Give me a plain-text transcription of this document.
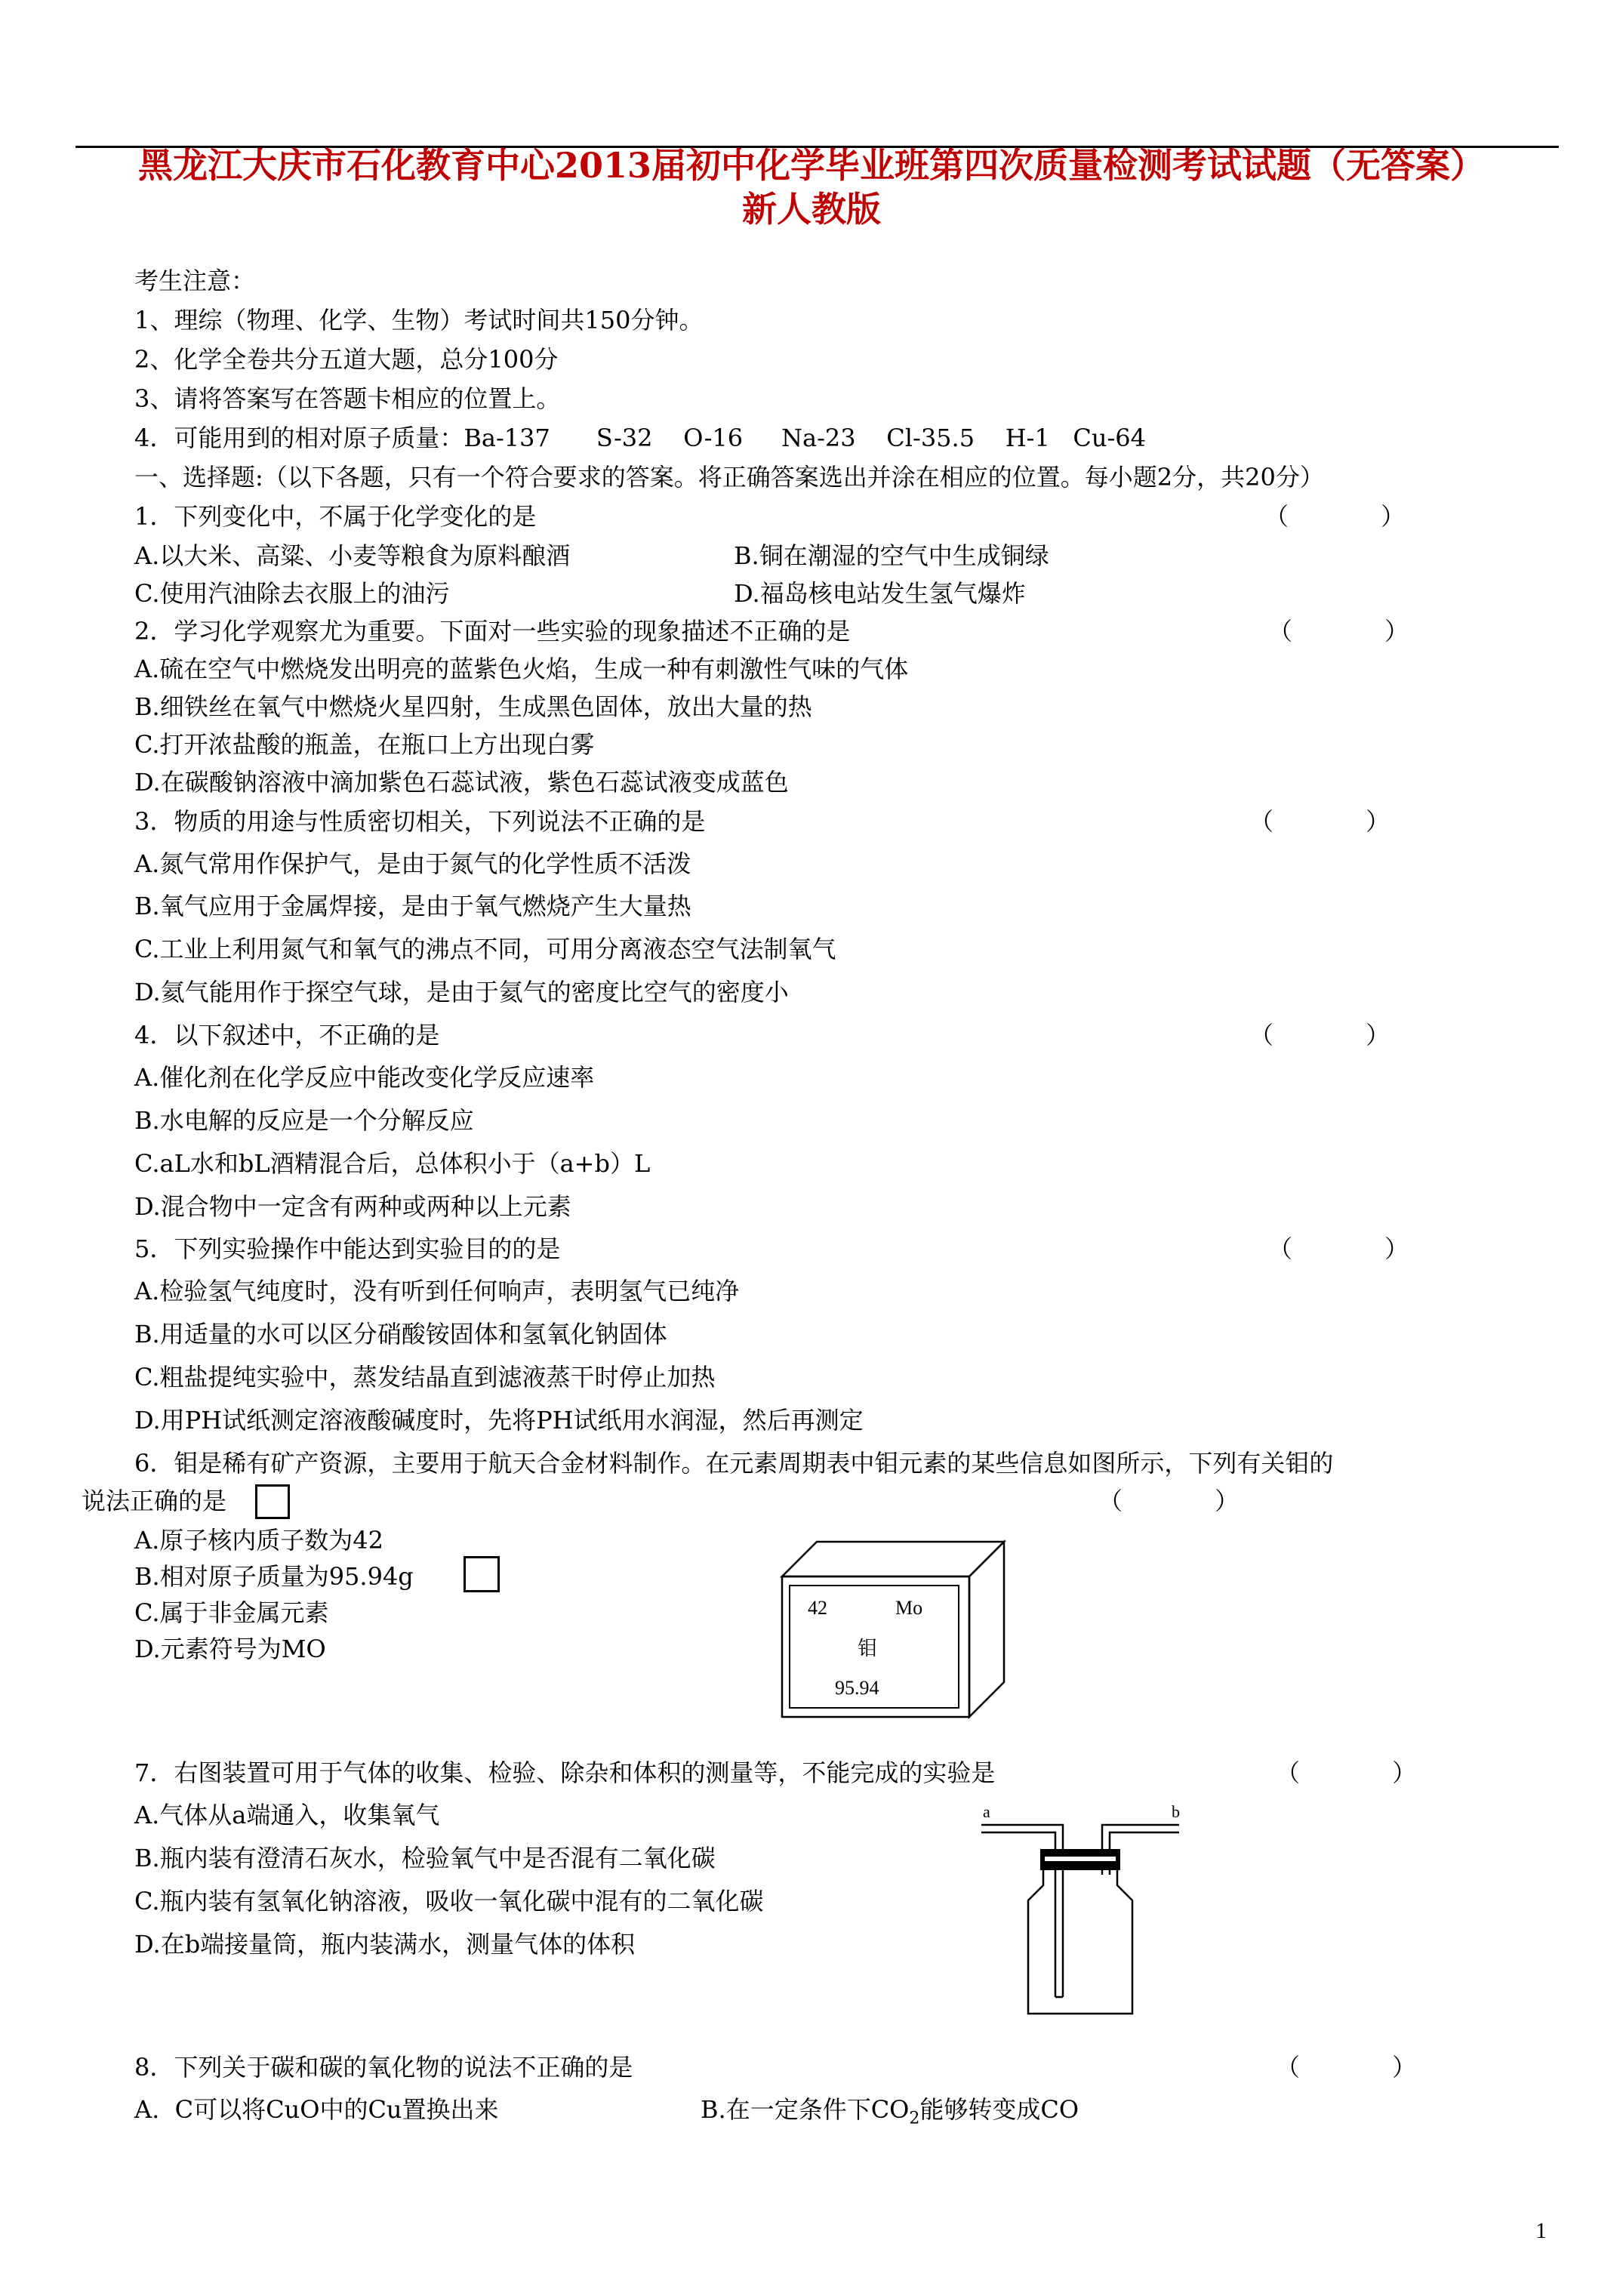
黑龙江大庆市石化教育中心2013届初中化学毕业班第四次质量检测考试试题（无答案）
新人教版
考生注意：
1、理综（物理、化学、生物）考试时间共150分钟。
2、化学全卷共分五道大题，总分100分
3、请将答案写在答题卡相应的位置上。
4．可能用到的相对原子质量：Ba-137      S-32    O-16     Na-23    Cl-35.5    H-1   Cu-64
一、选择题:（以下各题，只有一个符合要求的答案。将正确答案选出并涂在相应的位置。每小题2分，共20分）
1．下列变化中，不属于化学变化的是	（            ）
A.以大米、高粱、小麦等粮食为原料酿酒	B.铜在潮湿的空气中生成铜绿
C.使用汽油除去衣服上的油污	D.福岛核电站发生氢气爆炸
2．学习化学观察尤为重要。下面对一些实验的现象描述不正确的是	（            ）
A.硫在空气中燃烧发出明亮的蓝紫色火焰，生成一种有刺激性气味的气体
B.细铁丝在氧气中燃烧火星四射，生成黑色固体，放出大量的热
C.打开浓盐酸的瓶盖，在瓶口上方出现白雾
D.在碳酸钠溶液中滴加紫色石蕊试液，紫色石蕊试液变成蓝色
3．物质的用途与性质密切相关，下列说法不正确的是	（            ）
A.氮气常用作保护气，是由于氮气的化学性质不活泼
B.氧气应用于金属焊接，是由于氧气燃烧产生大量热
C.工业上利用氮气和氧气的沸点不同，可用分离液态空气法制氧气
D.氦气能用作于探空气球，是由于氦气的密度比空气的密度小
4．以下叙述中，不正确的是	（            ）
A.催化剂在化学反应中能改变化学反应速率
B.水电解的反应是一个分解反应
C.aL水和bL酒精混合后，总体积小于（a+b）L
D.混合物中一定含有两种或两种以上元素
5．下列实验操作中能达到实验目的的是	（            ）
A.检验氢气纯度时，没有听到任何响声，表明氢气已纯净
B.用适量的水可以区分硝酸铵固体和氢氧化钠固体
C.粗盐提纯实验中，蒸发结晶直到滤液蒸干时停止加热
D.用PH试纸测定溶液酸碱度时，先将PH试纸用水润湿，然后再测定
6．钼是稀有矿产资源，主要用于航天合金材料制作。在元素周期表中钼元素的某些信息如图所示，下列有关钼的
说法正确的是	（            ）
A.原子核内质子数为42
B.相对原子质量为95.94g
C.属于非金属元素
D.元素符号为MO
42	Mo
钼
95.94
7．右图装置可用于气体的收集、检验、除杂和体积的测量等，不能完成的实验是	（            ）
A.气体从a端通入，收集氧气
B.瓶内装有澄清石灰水，检验氧气中是否混有二氧化碳
C.瓶内装有氢氧化钠溶液，吸收一氧化碳中混有的二氧化碳
D.在b端接量筒，瓶内装满水，测量气体的体积
a	b
8．下列关于碳和碳的氧化物的说法不正确的是	（            ）
A.  C可以将CuO中的Cu置换出来	B.在一定条件下$CO_2$能够转变成CO
1
